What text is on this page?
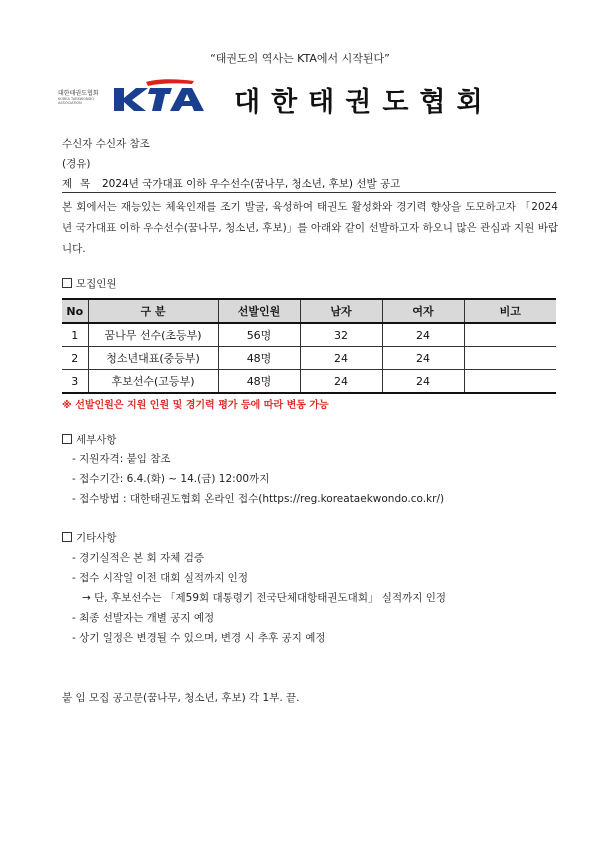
“태권도의 역사는 KTA에서 시작된다”
대한태권도협회
KOREA TAEKWONDO ASSOCIATION	대한태권도협회
수신자 수신자 참조
(경유)
제 목 2024년 국가대표 이하 우수선수(꿈나무, 청소년, 후보) 선발 공고
본 회에서는 재능있는 체육인재를 조기 발굴, 육성하여 태권도 활성화와 경기력 향상을 도모하고자 「2024년 국가대표 이하 우수선수(꿈나무, 청소년, 후보)」를 아래와 같이 선발하고자 하오니 많은 관심과 지원 바랍니다.
모집인원
No	구 분	선발인원	남자	여자	비고
1	꿈나무 선수(초등부)	56명	32	24	
2	청소년대표(중등부)	48명	24	24	
3	후보선수(고등부)	48명	24	24	
※ 선발인원은 지원 인원 및 경기력 평가 등에 따라 변동 가능
세부사항
- 지원자격: 붙임 참조
- 접수기간: 6.4.(화) ~ 14.(금) 12:00까지
- 접수방법 : 대한태권도협회 온라인 접수(https://reg.koreataekwondo.co.kr/)
기타사항
- 경기실적은 본 회 자체 검증
- 접수 시작일 이전 대회 실적까지 인정
→ 단, 후보선수는 「제59회 대통령기 전국단체대항태권도대회」 실적까지 인정
- 최종 선발자는 개별 공지 예정
- 상기 일정은 변경될 수 있으며, 변경 시 추후 공지 예정
붙 임 모집 공고문(꿈나무, 청소년, 후보) 각 1부. 끝.
